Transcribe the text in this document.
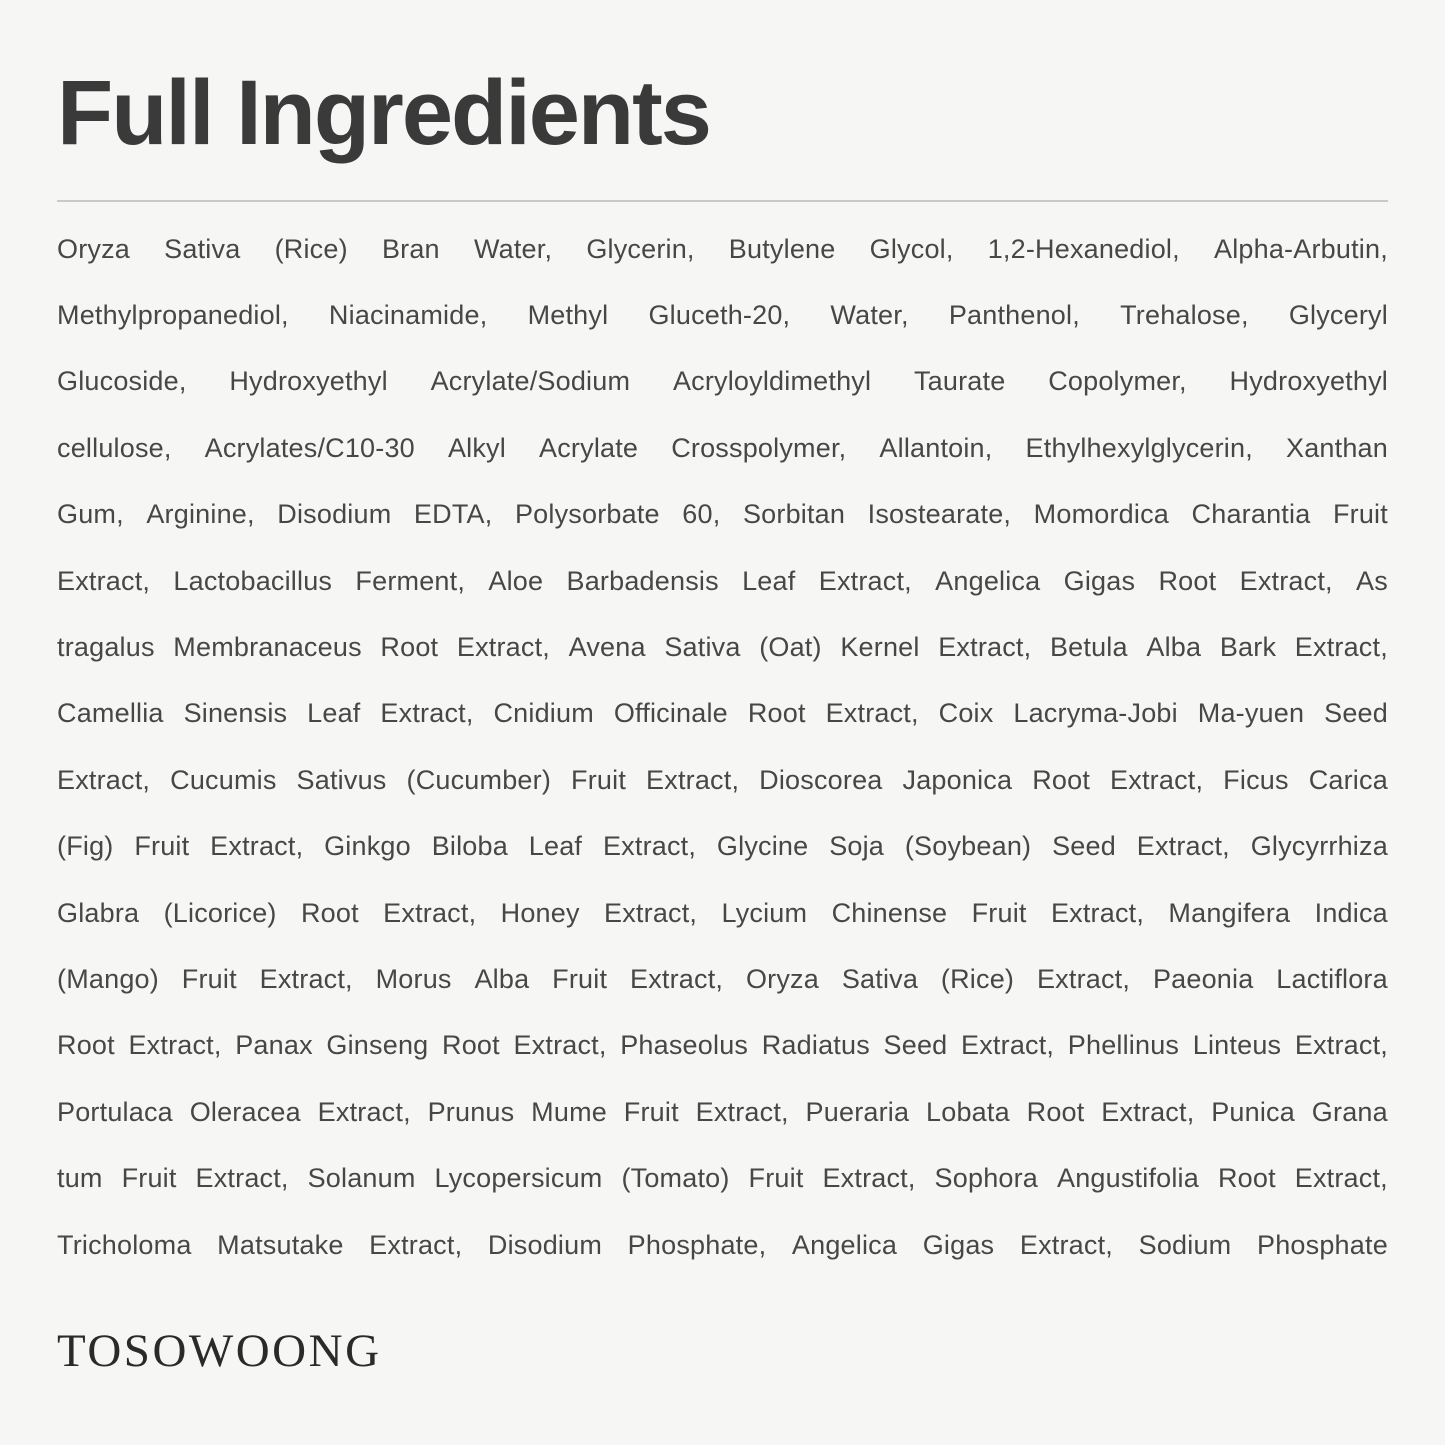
Full Ingredients
Oryza Sativa (Rice) Bran Water, Glycerin, Butylene Glycol, 1,2-Hexanediol, Alpha-Arbutin,
Methylpropanediol, Niacinamide, Methyl Gluceth-20, Water, Panthenol, Trehalose, Glyceryl
Glucoside, Hydroxyethyl Acrylate/Sodium Acryloyldimethyl Taurate Copolymer, Hydroxyethyl
cellulose, Acrylates/C10-30 Alkyl Acrylate Crosspolymer, Allantoin, Ethylhexylglycerin, Xanthan
Gum, Arginine, Disodium EDTA, Polysorbate 60, Sorbitan Isostearate, Momordica Charantia Fruit
Extract, Lactobacillus Ferment, Aloe Barbadensis Leaf Extract, Angelica Gigas Root Extract, As
tragalus Membranaceus Root Extract, Avena Sativa (Oat) Kernel Extract, Betula Alba Bark Extract,
Camellia Sinensis Leaf Extract, Cnidium Officinale Root Extract, Coix Lacryma-Jobi Ma-yuen Seed
Extract, Cucumis Sativus (Cucumber) Fruit Extract, Dioscorea Japonica Root Extract, Ficus Carica
(Fig) Fruit Extract, Ginkgo Biloba Leaf Extract, Glycine Soja (Soybean) Seed Extract, Glycyrrhiza
Glabra (Licorice) Root Extract, Honey Extract, Lycium Chinense Fruit Extract, Mangifera Indica
(Mango) Fruit Extract, Morus Alba Fruit Extract, Oryza Sativa (Rice) Extract, Paeonia Lactiflora
Root Extract, Panax Ginseng Root Extract, Phaseolus Radiatus Seed Extract, Phellinus Linteus Extract,
Portulaca Oleracea Extract, Prunus Mume Fruit Extract, Pueraria Lobata Root Extract, Punica Grana
tum Fruit Extract, Solanum Lycopersicum (Tomato) Fruit Extract, Sophora Angustifolia Root Extract,
Tricholoma Matsutake Extract, Disodium Phosphate, Angelica Gigas Extract, Sodium Phosphate
TOSOWOONG
